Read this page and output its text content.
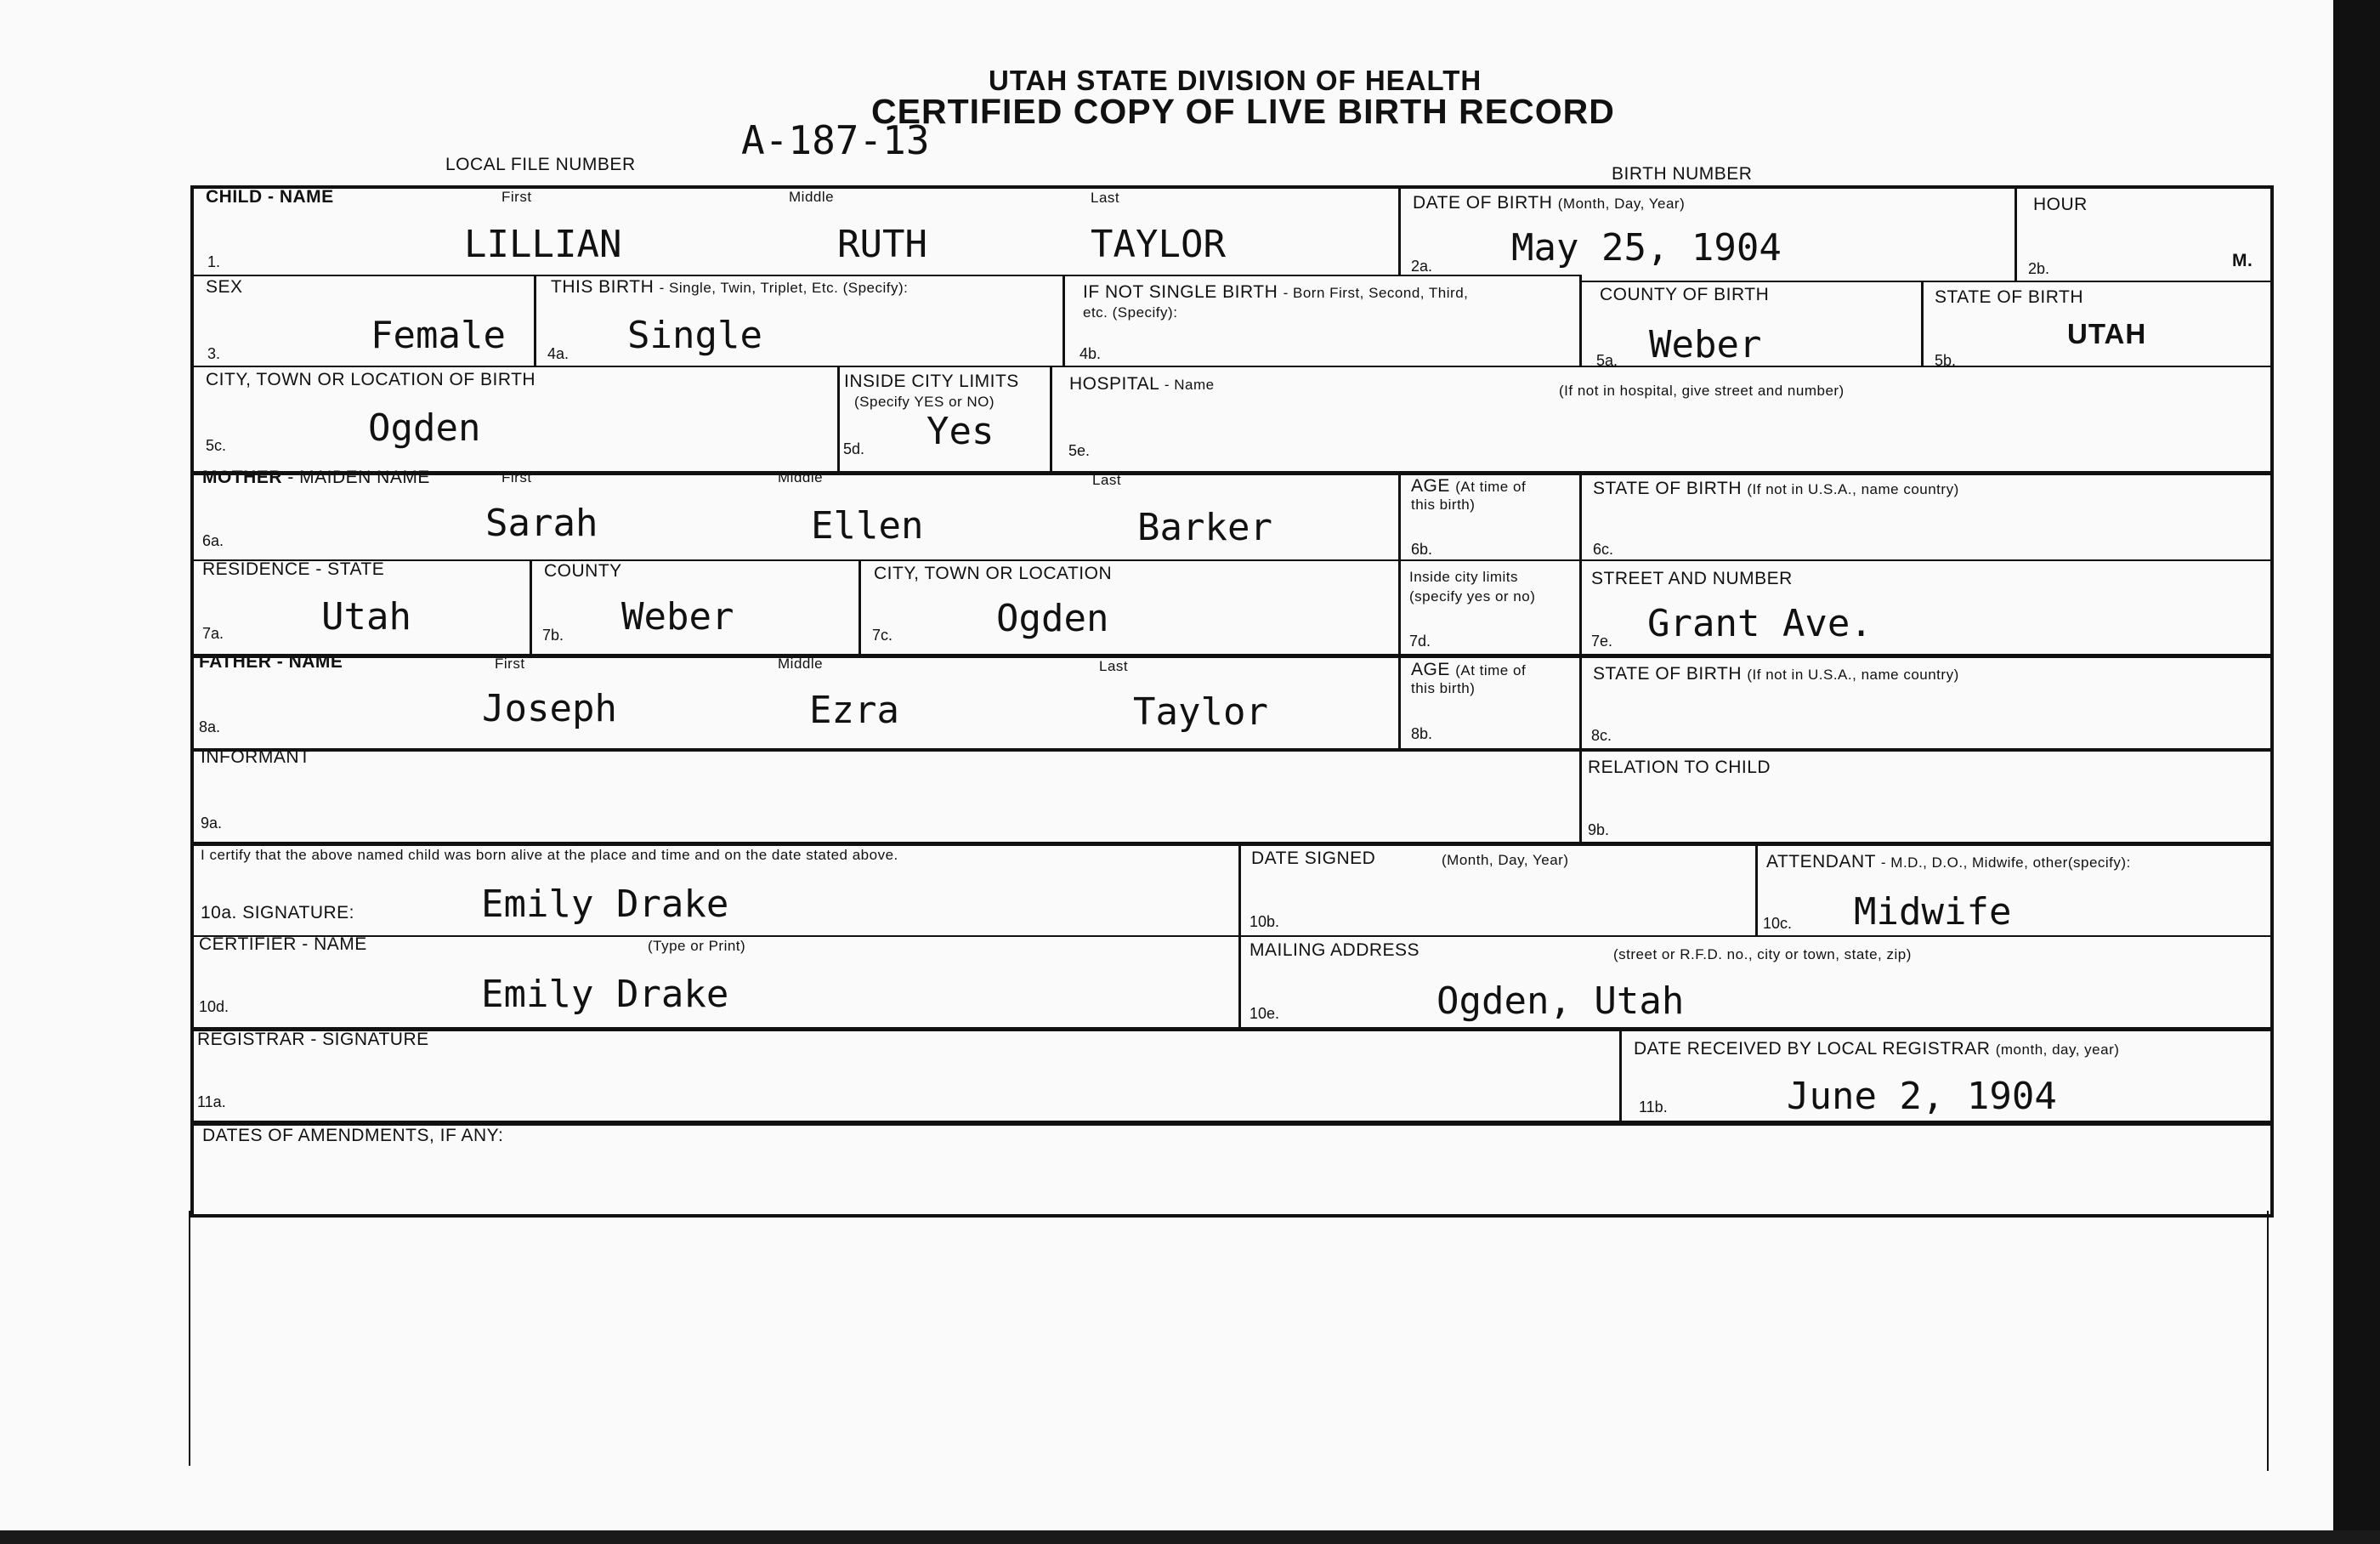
UTAH STATE DIVISION OF HEALTH
CERTIFIED COPY OF LIVE BIRTH RECORD
A-187-13
LOCAL FILE NUMBER	BIRTH NUMBER
CHILD - NAME	First	Middle	Last
1.	LILLIAN	RUTH	TAYLOR
DATE OF BIRTH (Month, Day, Year)
2a. May 25, 1904
HOUR
2b.	M.
SEX
3.	Female
THIS BIRTH - Single, Twin, Triplet, Etc. (Specify):
4a. Single
IF NOT SINGLE BIRTH - Born First, Second, Third,
etc. (Specify):
4b.
COUNTY OF BIRTH
5a. Weber
STATE OF BIRTH
5b.
UTAH
CITY, TOWN OR LOCATION OF BIRTH
5c.	Ogden
INSIDE CITY LIMITS
(Specify YES or NO)
5d. Yes
HOSPITAL - Name	(If not in hospital, give street and number)
5e.
MOTHER - MAIDEN NAME	First	Middle	Last
6a.	Sarah	Ellen	Barker
AGE (At time of
this birth)
6b.
STATE OF BIRTH (If not in U.S.A., name country)
6c.
RESIDENCE - STATE
7a.	Utah
COUNTY
7b. Weber
CITY, TOWN OR LOCATION
7c.	Ogden
Inside city limits
(specify yes or no)
7d.
STREET AND NUMBER
7e. Grant Ave.
FATHER - NAME	First	Middle	Last
8a.	Joseph	Ezra	Taylor
AGE (At time of
this birth)
8b.
STATE OF BIRTH (If not in U.S.A., name country)
8c.
INFORMANT
9a.
RELATION TO CHILD
9b.
I certify that the above named child was born alive at the place and time and on the date stated above.
10a. SIGNATURE:	Emily Drake
DATE SIGNED	(Month, Day, Year)
10b.
ATTENDANT - M.D., D.O., Midwife, other(specify):
10c. Midwife
CERTIFIER - NAME	(Type or Print)
10d.	Emily Drake
MAILING ADDRESS	(street or R.F.D. no., city or town, state, zip)
10e.	Ogden, Utah
REGISTRAR - SIGNATURE
11a.
DATE RECEIVED BY LOCAL REGISTRAR (month, day, year)
11b.	June 2, 1904
DATES OF AMENDMENTS, IF ANY:
